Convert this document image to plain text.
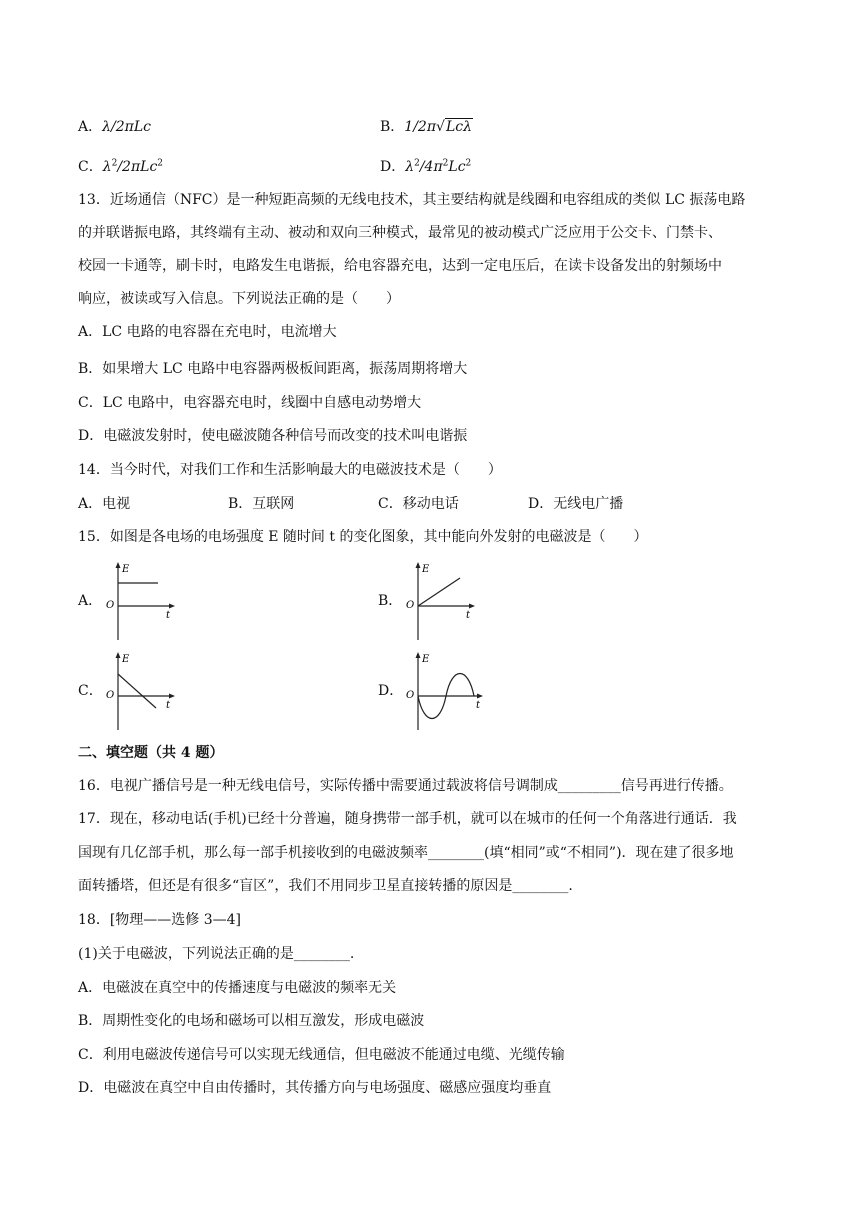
A．λ/2πLc	B．1/2π√Lcλ
C．$\lambda^2/2\pi Lc^2$	D．$\lambda^2/4\pi^2Lc^2$
13．近场通信（NFC）是一种短距高频的无线电技术，其主要结构就是线圈和电容组成的类似 LC 振荡电路
的并联谐振电路，其终端有主动、被动和双向三种模式，最常见的被动模式广泛应用于公交卡、门禁卡、
校园一卡通等，刷卡时，电路发生电谐振，给电容器充电，达到一定电压后，在读卡设备发出的射频场中
响应，被读或写入信息。下列说法正确的是（　　）
A．LC 电路的电容器在充电时，电流增大
B．如果增大 LC 电路中电容器两极板间距离，振荡周期将增大
C．LC 电路中，电容器充电时，线圈中自感电动势增大
D．电磁波发射时，使电磁波随各种信号而改变的技术叫电谐振
14．当今时代，对我们工作和生活影响最大的电磁波技术是（　　）
A．电视	B．互联网	C．移动电话	D．无线电广播
15．如图是各电场的电场强度 E 随时间 t 的变化图象，其中能向外发射的电磁波是（　　）
A．
E
O
t
B．
E
O
t
C．
E
O
t
D．
E
O
t
二、填空题（共 4 题）
16．电视广播信号是一种无线电信号，实际传播中需要通过载波将信号调制成_________信号再进行传播。
17．现在，移动电话(手机)已经十分普遍，随身携带一部手机，就可以在城市的任何一个角落进行通话．我
国现有几亿部手机，那么每一部手机接收到的电磁波频率________(填“相同”或“不相同”)．现在建了很多地
面转播塔，但还是有很多“盲区”，我们不用同步卫星直接转播的原因是________.
18．[物理——选修 3—4]
(1)关于电磁波，下列说法正确的是________.
A．电磁波在真空中的传播速度与电磁波的频率无关
B．周期性变化的电场和磁场可以相互激发，形成电磁波
C．利用电磁波传递信号可以实现无线通信，但电磁波不能通过电缆、光缆传输
D．电磁波在真空中自由传播时，其传播方向与电场强度、磁感应强度均垂直
